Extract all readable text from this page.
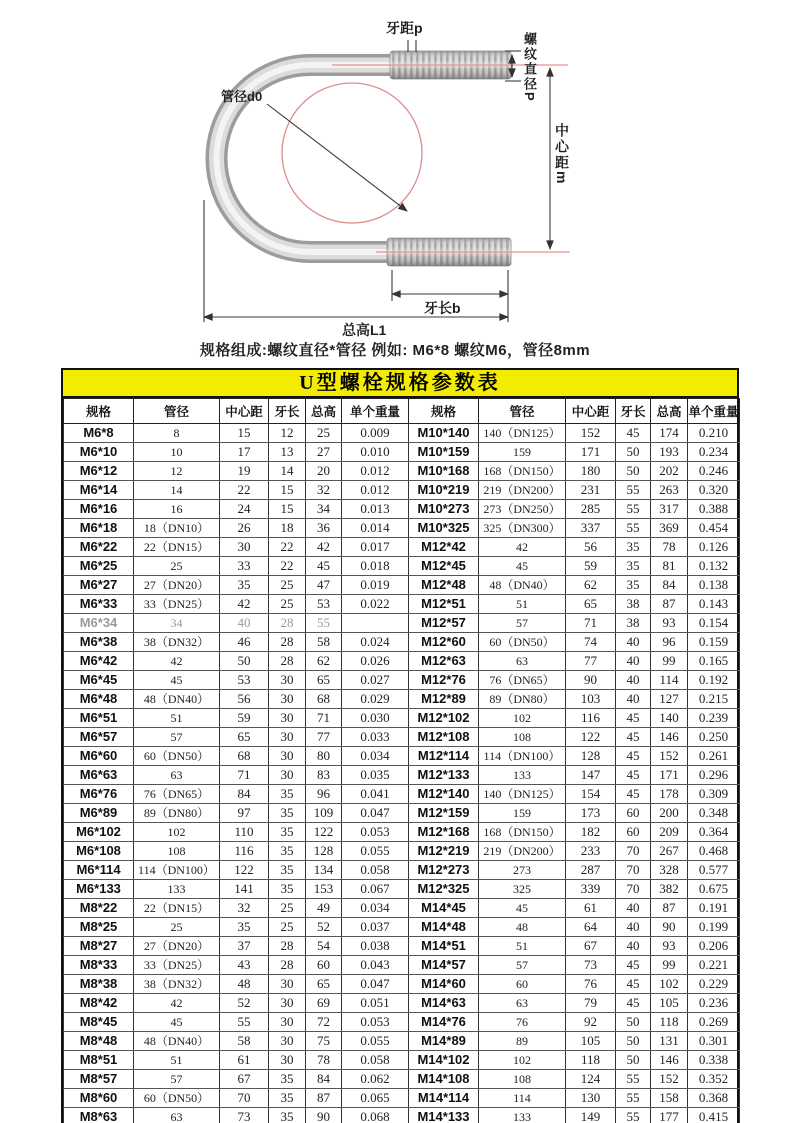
牙距p
螺纹直径P
管径d0
中心距m
牙长b
总高L1
规格组成:螺纹直径*管径 例如: M6*8 螺纹M6，管径8mm
U型螺栓规格参数表
规格	管径	中心距	牙长	总高	单个重量	规格	管径	中心距	牙长	总高	单个重量
M6*8	8	15	12	25	0.009	M10*140	140（DN125）	152	45	174	0.210
M6*10	10	17	13	27	0.010	M10*159	159	171	50	193	0.234
M6*12	12	19	14	20	0.012	M10*168	168（DN150）	180	50	202	0.246
M6*14	14	22	15	32	0.012	M10*219	219（DN200）	231	55	263	0.320
M6*16	16	24	15	34	0.013	M10*273	273（DN250）	285	55	317	0.388
M6*18	18（DN10）	26	18	36	0.014	M10*325	325（DN300）	337	55	369	0.454
M6*22	22（DN15）	30	22	42	0.017	M12*42	42	56	35	78	0.126
M6*25	25	33	22	45	0.018	M12*45	45	59	35	81	0.132
M6*27	27（DN20）	35	25	47	0.019	M12*48	48（DN40）	62	35	84	0.138
M6*33	33（DN25）	42	25	53	0.022	M12*51	51	65	38	87	0.143
M6*34	34	40	28	55		M12*57	57	71	38	93	0.154
M6*38	38（DN32）	46	28	58	0.024	M12*60	60（DN50）	74	40	96	0.159
M6*42	42	50	28	62	0.026	M12*63	63	77	40	99	0.165
M6*45	45	53	30	65	0.027	M12*76	76（DN65）	90	40	114	0.192
M6*48	48（DN40）	56	30	68	0.029	M12*89	89（DN80）	103	40	127	0.215
M6*51	51	59	30	71	0.030	M12*102	102	116	45	140	0.239
M6*57	57	65	30	77	0.033	M12*108	108	122	45	146	0.250
M6*60	60（DN50）	68	30	80	0.034	M12*114	114（DN100）	128	45	152	0.261
M6*63	63	71	30	83	0.035	M12*133	133	147	45	171	0.296
M6*76	76（DN65）	84	35	96	0.041	M12*140	140（DN125）	154	45	178	0.309
M6*89	89（DN80）	97	35	109	0.047	M12*159	159	173	60	200	0.348
M6*102	102	110	35	122	0.053	M12*168	168（DN150）	182	60	209	0.364
M6*108	108	116	35	128	0.055	M12*219	219（DN200）	233	70	267	0.468
M6*114	114（DN100）	122	35	134	0.058	M12*273	273	287	70	328	0.577
M6*133	133	141	35	153	0.067	M12*325	325	339	70	382	0.675
M8*22	22（DN15）	32	25	49	0.034	M14*45	45	61	40	87	0.191
M8*25	25	35	25	52	0.037	M14*48	48	64	40	90	0.199
M8*27	27（DN20）	37	28	54	0.038	M14*51	51	67	40	93	0.206
M8*33	33（DN25）	43	28	60	0.043	M14*57	57	73	45	99	0.221
M8*38	38（DN32）	48	30	65	0.047	M14*60	60	76	45	102	0.229
M8*42	42	52	30	69	0.051	M14*63	63	79	45	105	0.236
M8*45	45	55	30	72	0.053	M14*76	76	92	50	118	0.269
M8*48	48（DN40）	58	30	75	0.055	M14*89	89	105	50	131	0.301
M8*51	51	61	30	78	0.058	M14*102	102	118	50	146	0.338
M8*57	57	67	35	84	0.062	M14*108	108	124	55	152	0.352
M8*60	60（DN50）	70	35	87	0.065	M14*114	114	130	55	158	0.368
M8*63	63	73	35	90	0.068	M14*133	133	149	55	177	0.415
